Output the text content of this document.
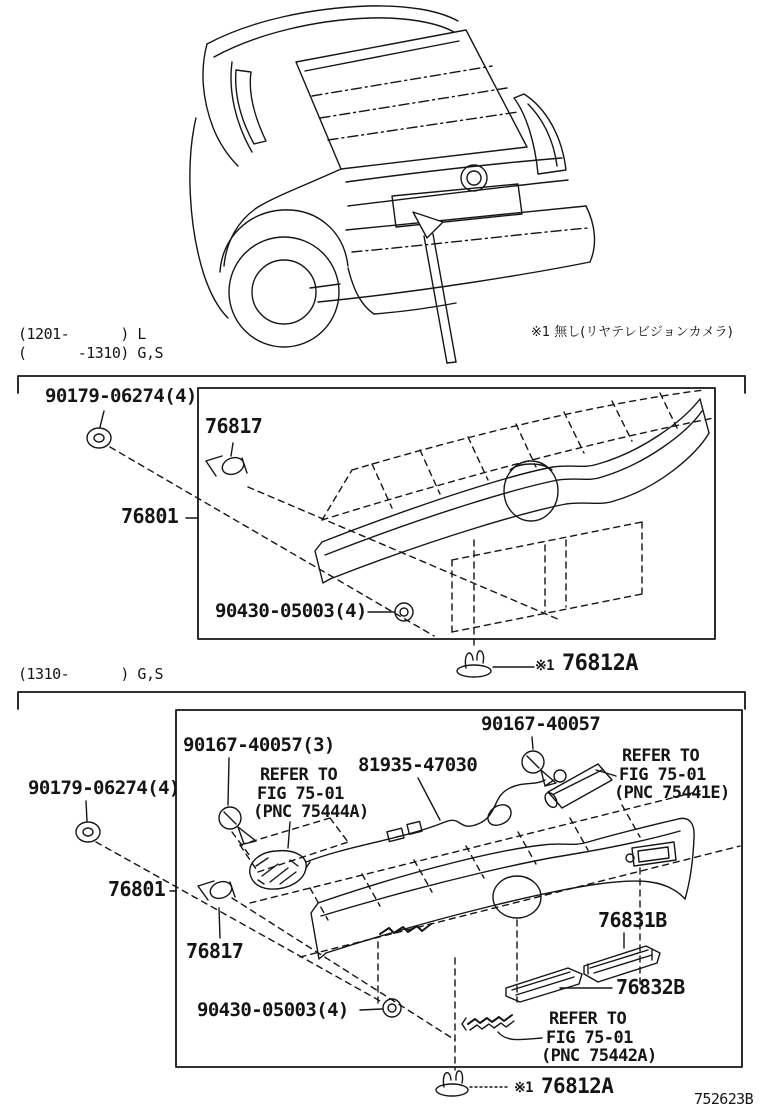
※1 無し(リヤテレビジョンカメラ)
(1201-      ) L
(      -1310) G,S
90179-06274(4)
76817
76801
90430-05003(4)
※1 76812A
(1310-      ) G,S
90167-40057(3)
REFER TO
FIG 75-01
(PNC 75444A)
81935-47030
90167-40057
REFER TO
FIG 75-01
(PNC 75441E)
90179-06274(4)
76801
76817
76831B
76832B
90430-05003(4)	REFER TO
FIG 75-01
(PNC 75442A)
※1 76812A
752623B
